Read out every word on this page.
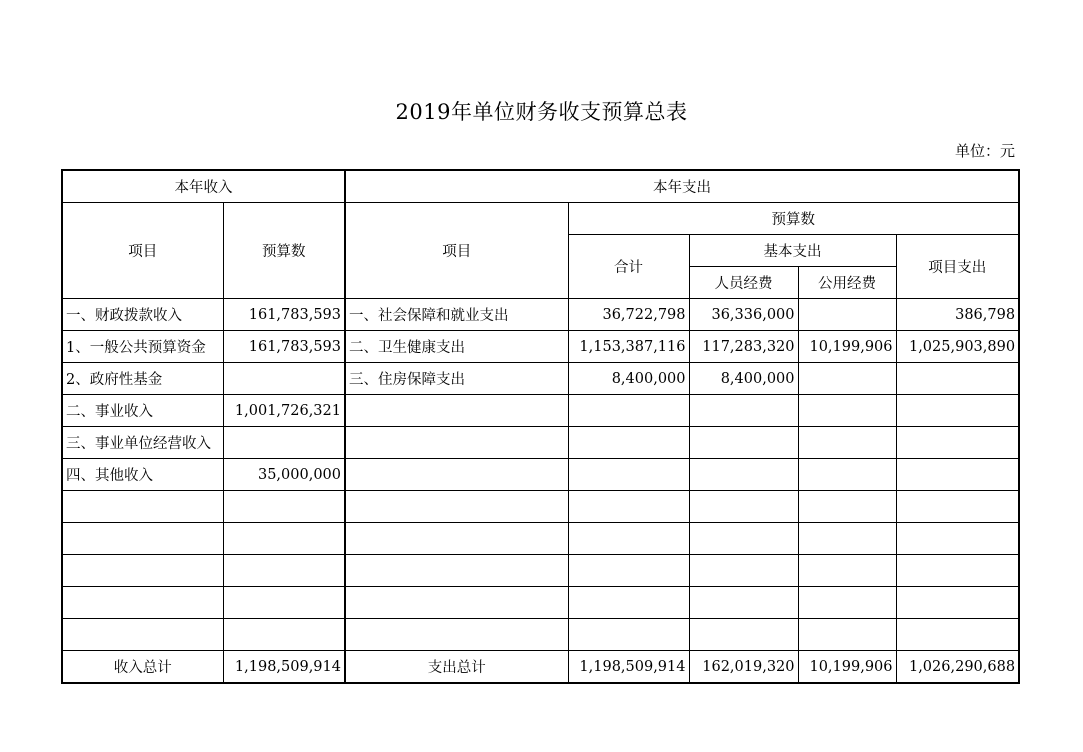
2019年单位财务收支预算总表
单位：元
本年收入		本年支出				
项目	预算数	项目	预算数			
			合计	基本支出		项目支出
				人员经费	公用经费	
一、财政拨款收入	161,783,593	一、社会保障和就业支出	36,722,798	36,336,000		386,798
1、一般公共预算资金	161,783,593	二、卫生健康支出	1,153,387,116	117,283,320	10,199,906	1,025,903,890
2、政府性基金		三、住房保障支出	8,400,000	8,400,000		
二、事业收入	1,001,726,321					
三、事业单位经营收入						
四、其他收入	35,000,000					

收入总计	1,198,509,914	支出总计	1,198,509,914	162,019,320	10,199,906	1,026,290,688
